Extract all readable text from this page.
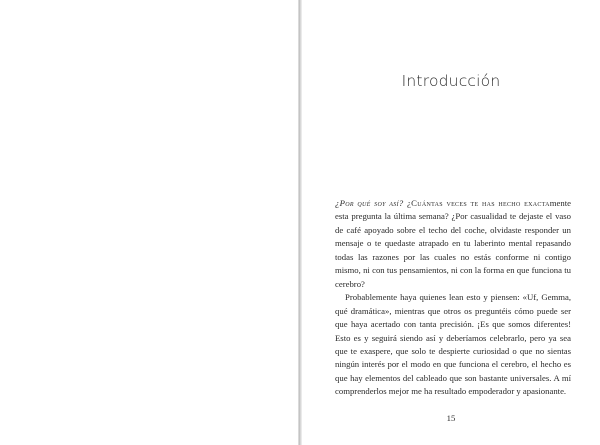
Introducción

¿Por qué soy así? ¿Cuántas veces te has hecho exactamente esta pregunta la última semana? ¿Por casualidad te dejaste el vaso de café apoyado sobre el techo del coche, olvidaste responder un mensaje o te quedaste atrapado en tu laberinto mental repasando todas las razones por las cuales no estás conforme ni contigo mismo, ni con tus pensamientos, ni con la forma en que funciona tu cerebro?

Probablemente haya quienes lean esto y piensen: «Uf, Gemma, qué dramática», mientras que otros os preguntéis cómo puede ser que haya acertado con tanta precisión. ¡Es que somos diferentes! Esto es y seguirá siendo así y deberíamos celebrarlo, pero ya sea que te exaspere, que solo te despierte curiosidad o que no sientas ningún interés por el modo en que funciona el cerebro, el hecho es que hay elementos del cableado que son bastante universales. A mí comprenderlos mejor me ha resultado empoderador y apasionante.

15
